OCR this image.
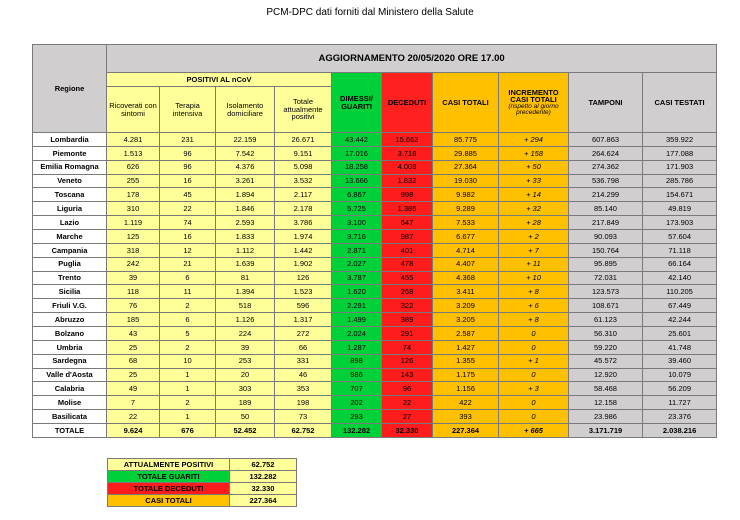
PCM-DPC dati forniti dal Ministero della Salute
Regione	AGGIORNAMENTO 20/05/2020 ORE 17.00									
	POSITIVI AL nCoV				DIMESSI/ GUARITI	DECEDUTI	CASI TOTALI	INCREMENTO CASI TOTALI
(rispetto al giorno precedente)	TAMPONI	CASI TESTATI
	Ricoverati con sintomi	Terapia intensiva	Isolamento domiciliare	Totale attualmente positivi						
Lombardia	4.281	231	22.159	26.671	43.442	15.662	85.775	+ 294	607.863	359.922
Piemonte	1.513	96	7.542	9.151	17.016	3.718	29.885	+ 158	264.624	177.088
Emilia Romagna	626	96	4.376	5.098	18.258	4.008	27.364	+ 50	274.362	171.903
Veneto	255	16	3.261	3.532	13.666	1.832	19.030	+ 33	536.798	285.786
Toscana	178	45	1.894	2.117	6.867	998	9.982	+ 14	214.299	154.671
Liguria	310	22	1.846	2.178	5.725	1.386	9.289	+ 32	85.140	49.819
Lazio	1.119	74	2.593	3.786	3.100	647	7.533	+ 28	217.849	173.903
Marche	125	16	1.833	1.974	3.716	987	6.677	+ 2	90.093	57.604
Campania	318	12	1.112	1.442	2.871	401	4.714	+ 7	150.764	71.118
Puglia	242	21	1.639	1.902	2.027	478	4.407	+ 11	95.895	66.164
Trento	39	6	81	126	3.787	455	4.368	+ 10	72.031	42.140
Sicilia	118	11	1.394	1.523	1.620	268	3.411	+ 8	123.573	110.205
Friuli V.G.	76	2	518	596	2.291	322	3.209	+ 6	108.671	67.449
Abruzzo	185	6	1.126	1.317	1.499	389	3.205	+ 8	61.123	42.244
Bolzano	43	5	224	272	2.024	291	2.587	0	56.310	25.601
Umbria	25	2	39	66	1.287	74	1.427	0	59.220	41.748
Sardegna	68	10	253	331	898	126	1.355	+ 1	45.572	39.460
Valle d'Aosta	25	1	20	46	986	143	1.175	0	12.920	10.079
Calabria	49	1	303	353	707	96	1.156	+ 3	58.468	56.209
Molise	7	2	189	198	202	22	422	0	12.158	11.727
Basilicata	22	1	50	73	293	27	393	0	23.986	23.376
TOTALE	9.624	676	52.452	62.752	132.282	32.330	227.364	+ 665	3.171.719	2.038.216
ATTUALMENTE POSITIVI	62.752
TOTALE GUARITI	132.282
TOTALE DECEDUTI	32.330
CASI TOTALI	227.364
